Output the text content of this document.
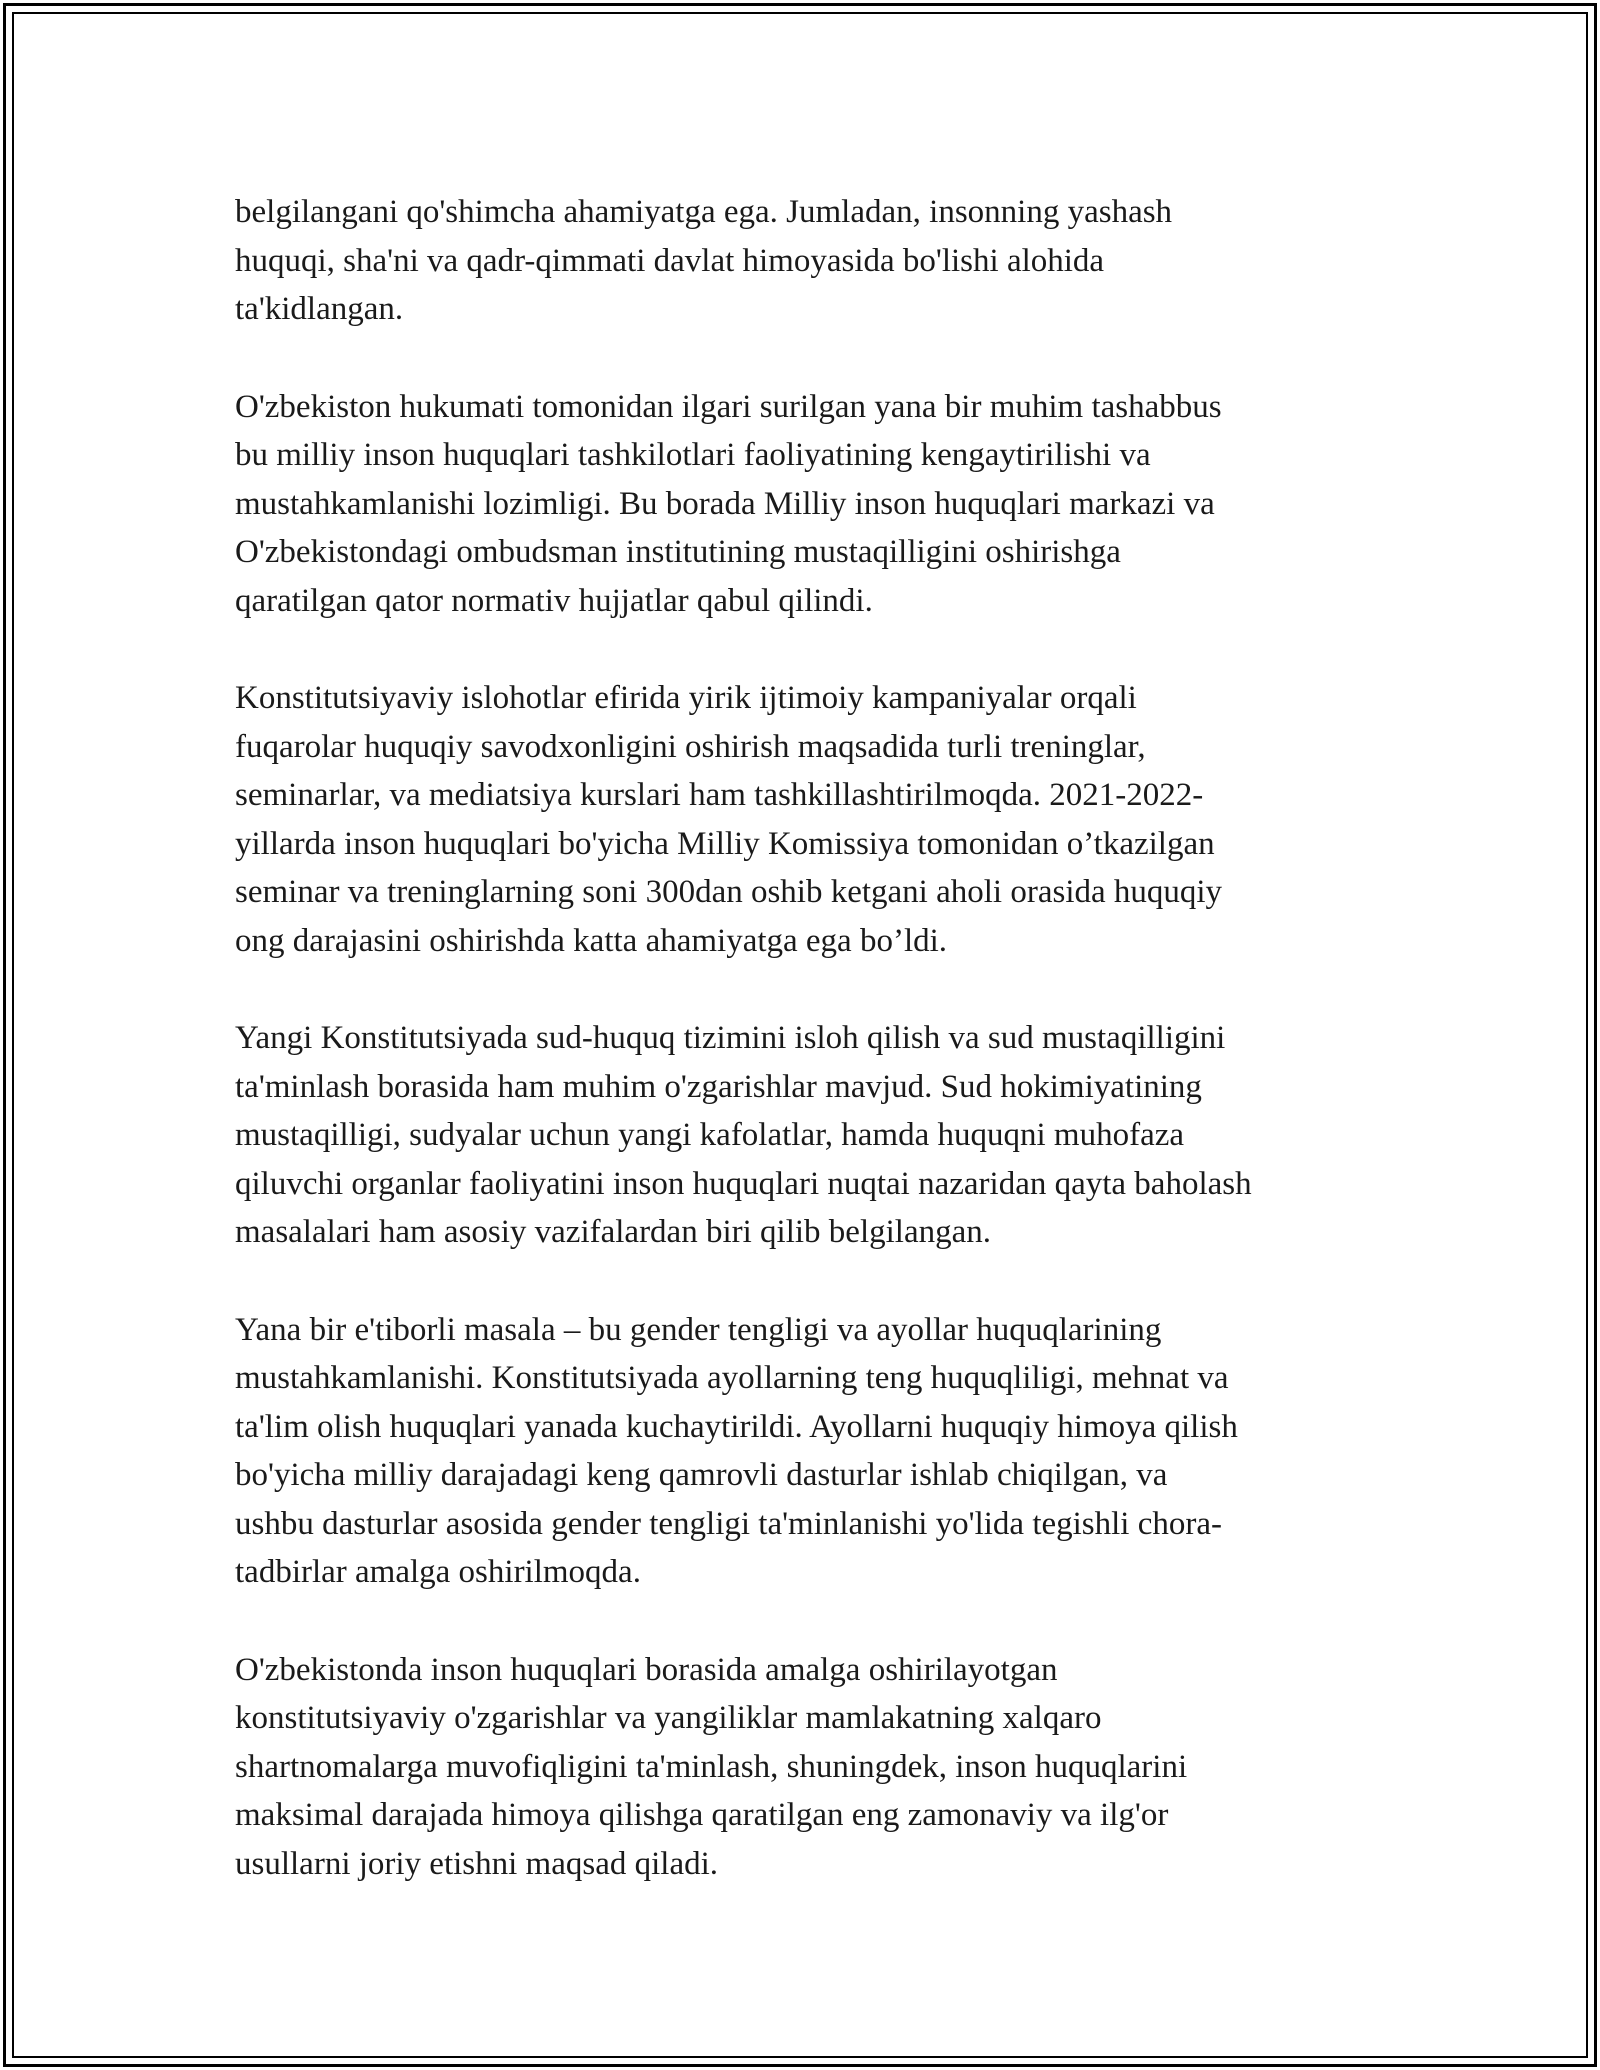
belgilangani qo'shimcha ahamiyatga ega. Jumladan, insonning yashash
huquqi, sha'ni va qadr-qimmati davlat himoyasida bo'lishi alohida
ta'kidlangan.

O'zbekiston hukumati tomonidan ilgari surilgan yana bir muhim tashabbus
bu milliy inson huquqlari tashkilotlari faoliyatining kengaytirilishi va
mustahkamlanishi lozimligi. Bu borada Milliy inson huquqlari markazi va
O'zbekistondagi ombudsman institutining mustaqilligini oshirishga
qaratilgan qator normativ hujjatlar qabul qilindi.

Konstitutsiyaviy islohotlar efirida yirik ijtimoiy kampaniyalar orqali
fuqarolar huquqiy savodxonligini oshirish maqsadida turli treninglar,
seminarlar, va mediatsiya kurslari ham tashkillashtirilmoqda. 2021-2022-
yillarda inson huquqlari bo'yicha Milliy Komissiya tomonidan o’tkazilgan
seminar va treninglarning soni 300dan oshib ketgani aholi orasida huquqiy
ong darajasini oshirishda katta ahamiyatga ega bo’ldi.

Yangi Konstitutsiyada sud-huquq tizimini isloh qilish va sud mustaqilligini
ta'minlash borasida ham muhim o'zgarishlar mavjud. Sud hokimiyatining
mustaqilligi, sudyalar uchun yangi kafolatlar, hamda huquqni muhofaza
qiluvchi organlar faoliyatini inson huquqlari nuqtai nazaridan qayta baholash
masalalari ham asosiy vazifalardan biri qilib belgilangan.

Yana bir e'tiborli masala – bu gender tengligi va ayollar huquqlarining
mustahkamlanishi. Konstitutsiyada ayollarning teng huquqliligi, mehnat va
ta'lim olish huquqlari yanada kuchaytirildi. Ayollarni huquqiy himoya qilish
bo'yicha milliy darajadagi keng qamrovli dasturlar ishlab chiqilgan, va
ushbu dasturlar asosida gender tengligi ta'minlanishi yo'lida tegishli chora-
tadbirlar amalga oshirilmoqda.

O'zbekistonda inson huquqlari borasida amalga oshirilayotgan
konstitutsiyaviy o'zgarishlar va yangiliklar mamlakatning xalqaro
shartnomalarga muvofiqligini ta'minlash, shuningdek, inson huquqlarini
maksimal darajada himoya qilishga qaratilgan eng zamonaviy va ilg'or
usullarni joriy etishni maqsad qiladi.
